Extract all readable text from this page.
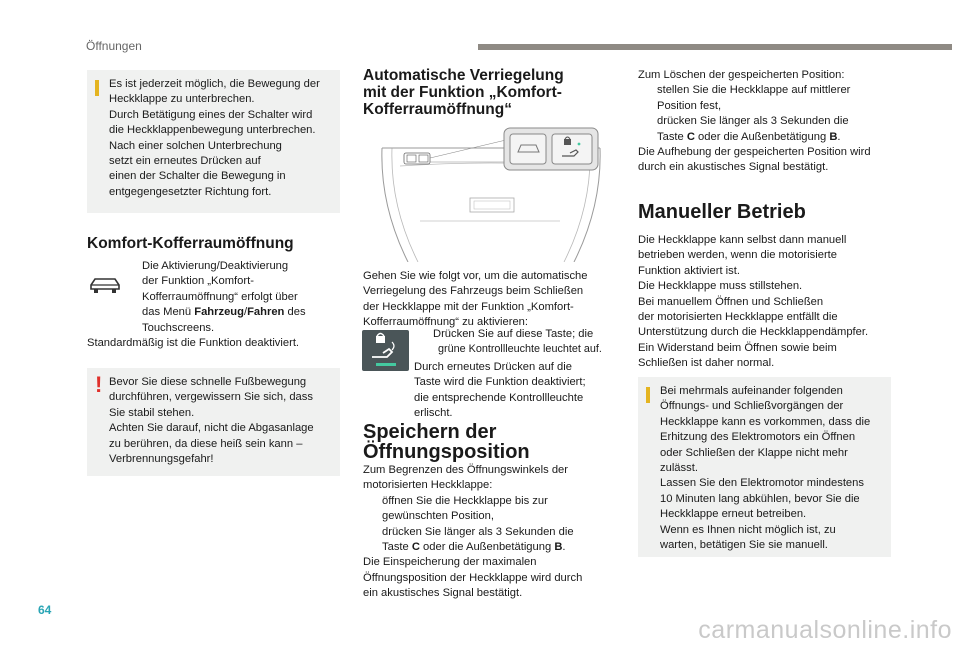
Öffnungen
Es ist jederzeit möglich, die Bewegung der
Heckklappe zu unterbrechen.
Durch Betätigung eines der Schalter wird
die Heckklappenbewegung unterbrechen.
Nach einer solchen Unterbrechung
setzt ein erneutes Drücken auf
einen der Schalter die Bewegung in
entgegengesetzter Richtung fort.
Komfort-Kofferraumöffnung

Die Aktivierung/Deaktivierung

der Funktion „Komfort-

Kofferraumöffnung“ erfolgt über

das Menü Fahrzeug/Fahren des

Touchscreens.

Standardmäßig ist die Funktion deaktiviert.
! Bevor Sie diese schnelle Fußbewegung
durchführen, vergewissern Sie sich, dass
Sie stabil stehen.
Achten Sie darauf, nicht die Abgasanlage
zu berühren, da diese heiß sein kann –
Verbrennungsgefahr!
Automatische Verriegelung
mit der Funktion „Komfort-
Kofferraumöffnung“

Gehen Sie wie folgt vor, um die automatische

Verriegelung des Fahrzeugs beim Schließen

der Heckklappe mit der Funktion „Komfort-

Kofferraumöffnung“ zu aktivieren:

Drücken Sie auf diese Taste; die
grüne Kontrollleuchte leuchtet auf.
Durch erneutes Drücken auf die
Taste wird die Funktion deaktiviert;
die entsprechende Kontrollleuchte
erlischt.
Speichern der
Öffnungsposition

Zum Begrenzen des Öffnungswinkels der

motorisierten Heckklappe:

öffnen Sie die Heckklappe bis zur
gewünschten Position,
drücken Sie länger als 3 Sekunden die
Taste C oder die Außenbetätigung B.

Die Einspeicherung der maximalen

Öffnungsposition der Heckklappe wird durch

ein akustisches Signal bestätigt.

Zum Löschen der gespeicherten Position:

stellen Sie die Heckklappe auf mittlerer
Position fest,
drücken Sie länger als 3 Sekunden die
Taste C oder die Außenbetätigung B.

Die Aufhebung der gespeicherten Position wird

durch ein akustisches Signal bestätigt.

Manueller Betrieb

Die Heckklappe kann selbst dann manuell

betrieben werden, wenn die motorisierte

Funktion aktiviert ist.

Die Heckklappe muss stillstehen.

Bei manuellem Öffnen und Schließen

der motorisierten Heckklappe entfällt die

Unterstützung durch die Heckklappendämpfer.

Ein Widerstand beim Öffnen sowie beim

Schließen ist daher normal.

Bei mehrmals aufeinander folgenden
Öffnungs- und Schließvorgängen der
Heckklappe kann es vorkommen, dass die
Erhitzung des Elektromotors ein Öffnen
oder Schließen der Klappe nicht mehr
zulässt.
Lassen Sie den Elektromotor mindestens
10 Minuten lang abkühlen, bevor Sie die
Heckklappe erneut betreiben.
Wenn es Ihnen nicht möglich ist, zu
warten, betätigen Sie sie manuell.
64
carmanualsonline.info
